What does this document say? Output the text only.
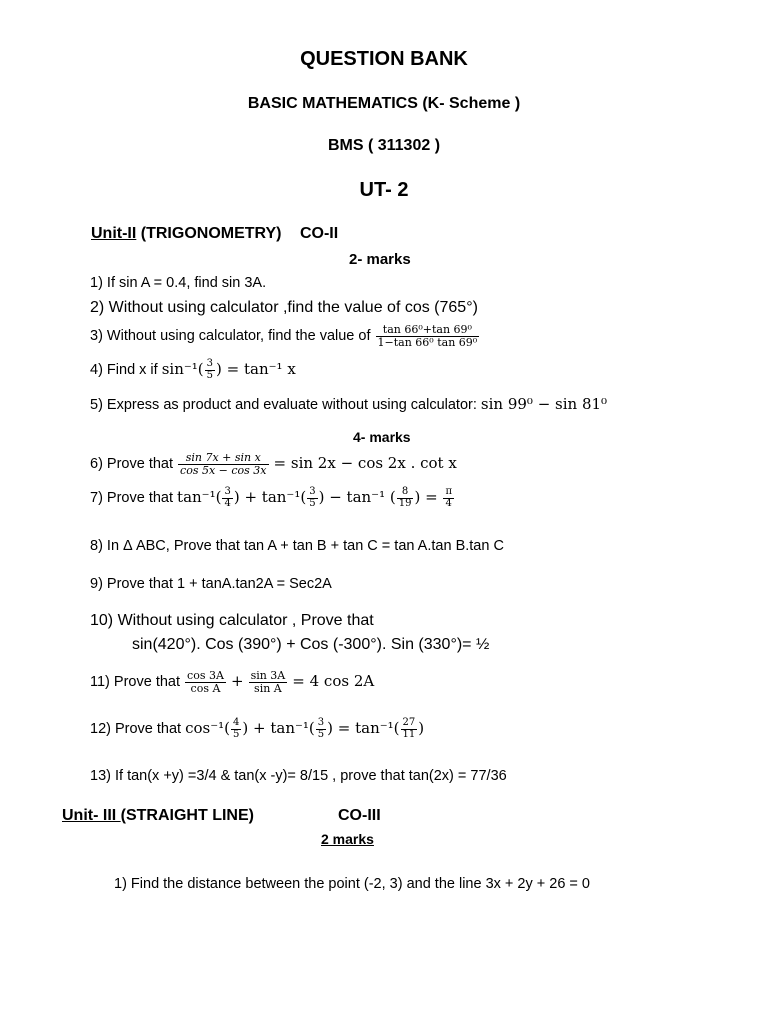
QUESTION BANK
BASIC MATHEMATICS (K- Scheme )
BMS ( 311302 )
UT- 2
Unit-II (TRIGONOMETRY) CO-II
2- marks
1) If sin A = 0.4, find sin 3A.
2) Without using calculator ,find the value of cos (765°)
3) Without using calculator, find the value of $\frac{\text{tan 66⁰+tan 69⁰}}{\text{1−tan 66⁰ tan 69⁰}}$
4) Find x if $\sin^{-1}( \frac{3}{5}$ ) = tan⁻¹ x
5) Express as product and evaluate without using calculator: sin 99⁰ − sin 81⁰
4- marks
6) Prove that $\frac{\text{sin 7x + sin x}}{\cos 5x - \cos 3x} = \sin 2x - \cos 2x$ . cot x
7) Prove that $\tan^{-1}( \frac{3}{4}$ ) + $\tan^{-1}( \frac{3}{5}$ ) − tan⁻¹ ( $\frac{8}{19}$ ) = $\frac{\pi}{4}$
8) In Δ ABC, Prove that tan A + tan B + tan C = tan A.tan B.tan C
9) Prove that 1 + tanA.tan2A = Sec2A
10) Without using calculator , Prove that
sin(420°). Cos (390°) + Cos (-300°). Sin (330°)= ½
11) Prove that $\frac{\cos 3A}{\text{cos A}} + \frac{\sin 3A}{\text{sin A}} = 4$ cos 2A
12) Prove that $\cos^{-1}( \frac{4}{5}$ ) + $\tan^{-1}( \frac{3}{5}$ ) = $\tan^{-1}( \frac{27}{11}$ )
13) If tan(x +y) =3/4 & tan(x -y)= 8/15 , prove that tan(2x) = 77/36
Unit- III (STRAIGHT LINE)	CO-III
2 marks
1) Find the distance between the point (-2, 3) and the line 3x + 2y + 26 = 0
